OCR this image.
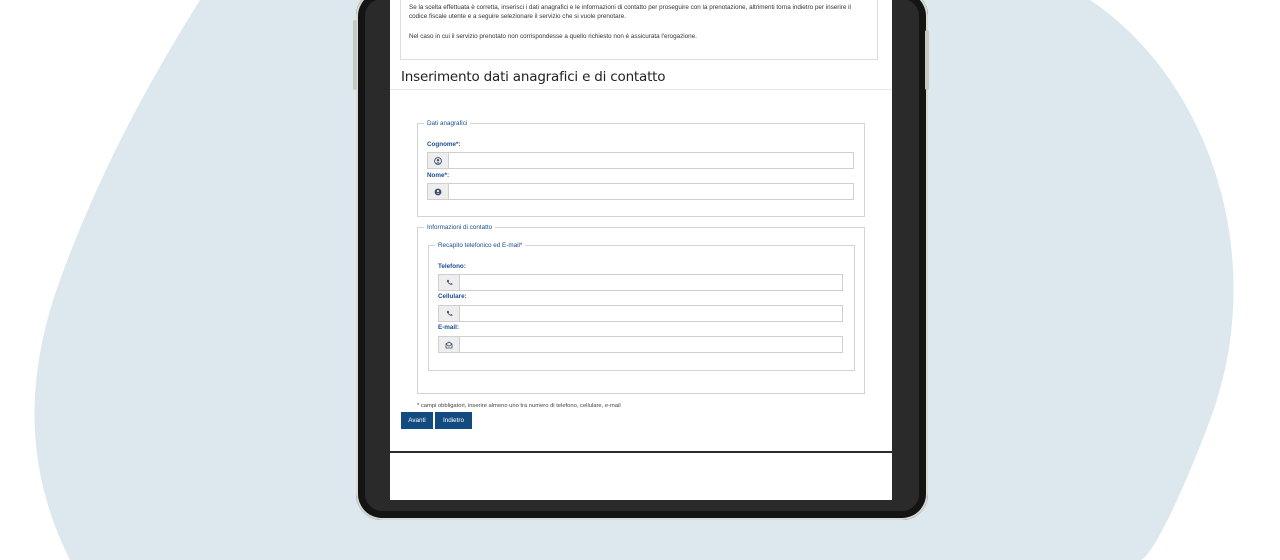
Se la scelta effettuata è corretta, inserisci i dati anagrafici e le informazioni di contatto per proseguire con la prenotazione, altrimenti torna indietro per inserire il codice fiscale utente e a seguire selezionare il servizio che si vuole prenotare.

Nel caso in cui il servizio prenotato non corrispondesse a quello richiesto non è assicurata l'erogazione.

Inserimento dati anagrafici e di contatto
Dati anagrafici
Cognome*:
Nome*:
Informazioni di contatto
Recapito telefonico ed E-mail*
Telefono:
Cellulare:
E-mail:
* campi obbligatori, inserire almeno uno tra numero di telefono, cellulare, e-mail
Avanti	Indietro
